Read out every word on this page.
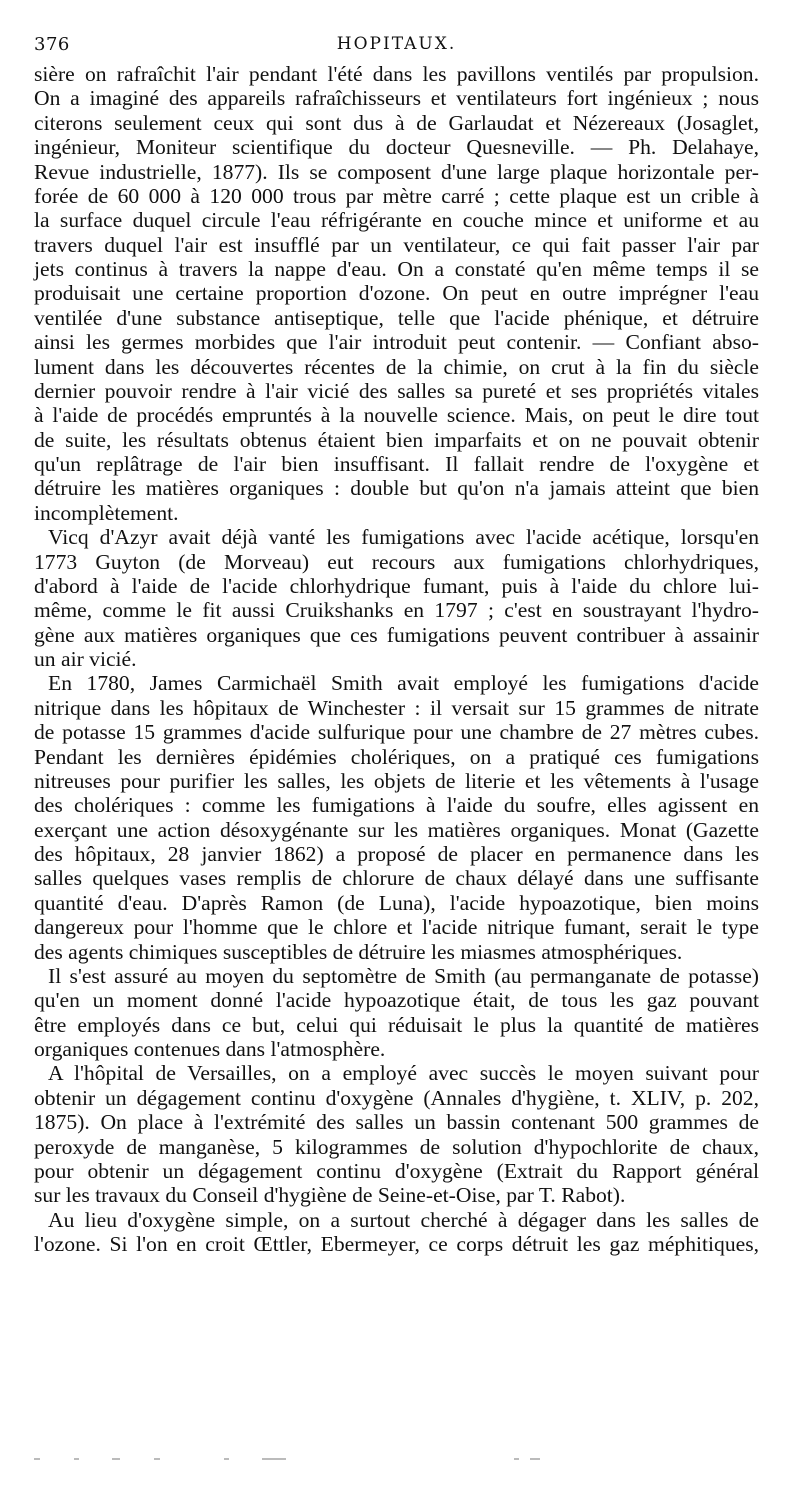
376	HOPITAUX.
sière on rafraîchit l'air pendant l'été dans les pavillons ventilés par propulsion.
On a imaginé des appareils rafraîchisseurs et ventilateurs fort ingénieux ; nous
citerons seulement ceux qui sont dus à de Garlaudat et Nézereaux (Josaglet,
ingénieur, Moniteur scientifique du docteur Quesneville. — Ph. Delahaye,
Revue industrielle, 1877). Ils se composent d'une large plaque horizontale per-
forée de 60 000 à 120 000 trous par mètre carré ; cette plaque est un crible à
la surface duquel circule l'eau réfrigérante en couche mince et uniforme et au
travers duquel l'air est insufflé par un ventilateur, ce qui fait passer l'air par
jets continus à travers la nappe d'eau. On a constaté qu'en même temps il se
produisait une certaine proportion d'ozone. On peut en outre imprégner l'eau
ventilée d'une substance antiseptique, telle que l'acide phénique, et détruire
ainsi les germes morbides que l'air introduit peut contenir. — Confiant abso-
lument dans les découvertes récentes de la chimie, on crut à la fin du siècle
dernier pouvoir rendre à l'air vicié des salles sa pureté et ses propriétés vitales
à l'aide de procédés empruntés à la nouvelle science. Mais, on peut le dire tout
de suite, les résultats obtenus étaient bien imparfaits et on ne pouvait obtenir
qu'un replâtrage de l'air bien insuffisant. Il fallait rendre de l'oxygène et
détruire les matières organiques : double but qu'on n'a jamais atteint que bien
incomplètement.
Vicq d'Azyr avait déjà vanté les fumigations avec l'acide acétique, lorsqu'en
1773 Guyton (de Morveau) eut recours aux fumigations chlorhydriques,
d'abord à l'aide de l'acide chlorhydrique fumant, puis à l'aide du chlore lui-
même, comme le fit aussi Cruikshanks en 1797 ; c'est en soustrayant l'hydro-
gène aux matières organiques que ces fumigations peuvent contribuer à assainir
un air vicié.
En 1780, James Carmichaël Smith avait employé les fumigations d'acide
nitrique dans les hôpitaux de Winchester : il versait sur 15 grammes de nitrate
de potasse 15 grammes d'acide sulfurique pour une chambre de 27 mètres cubes.
Pendant les dernières épidémies cholériques, on a pratiqué ces fumigations
nitreuses pour purifier les salles, les objets de literie et les vêtements à l'usage
des cholériques : comme les fumigations à l'aide du soufre, elles agissent en
exerçant une action désoxygénante sur les matières organiques. Monat (Gazette
des hôpitaux, 28 janvier 1862) a proposé de placer en permanence dans les
salles quelques vases remplis de chlorure de chaux délayé dans une suffisante
quantité d'eau. D'après Ramon (de Luna), l'acide hypoazotique, bien moins
dangereux pour l'homme que le chlore et l'acide nitrique fumant, serait le type
des agents chimiques susceptibles de détruire les miasmes atmosphériques.
Il s'est assuré au moyen du septomètre de Smith (au permanganate de potasse)
qu'en un moment donné l'acide hypoazotique était, de tous les gaz pouvant
être employés dans ce but, celui qui réduisait le plus la quantité de matières
organiques contenues dans l'atmosphère.
A l'hôpital de Versailles, on a employé avec succès le moyen suivant pour
obtenir un dégagement continu d'oxygène (Annales d'hygiène, t. XLIV, p. 202,
1875). On place à l'extrémité des salles un bassin contenant 500 grammes de
peroxyde de manganèse, 5 kilogrammes de solution d'hypochlorite de chaux,
pour obtenir un dégagement continu d'oxygène (Extrait du Rapport général
sur les travaux du Conseil d'hygiène de Seine-et-Oise, par T. Rabot).
Au lieu d'oxygène simple, on a surtout cherché à dégager dans les salles de
l'ozone. Si l'on en croit Œttler, Ebermeyer, ce corps détruit les gaz méphitiques,
